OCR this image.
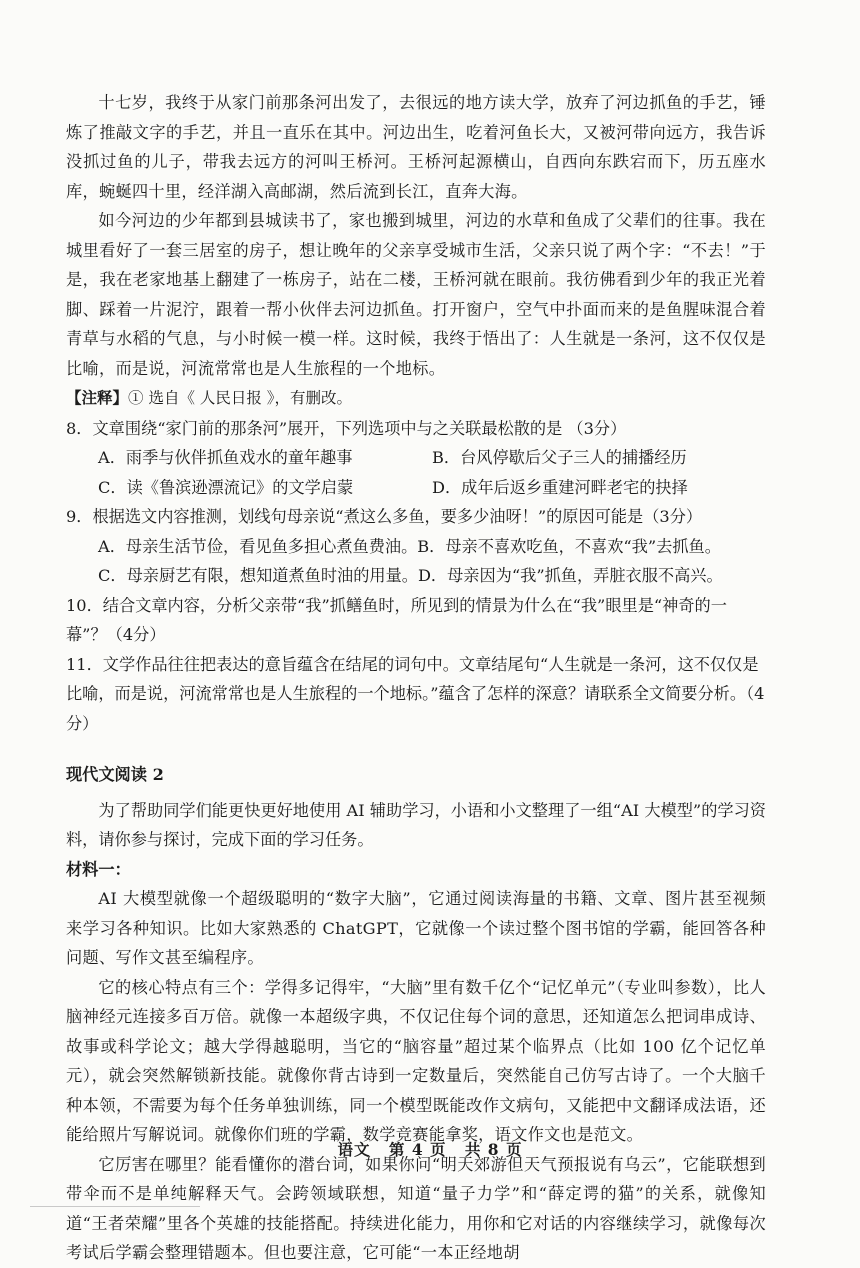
十七岁，我终于从家门前那条河出发了，去很远的地方读大学，放弃了河边抓鱼的手艺，锤炼了推敲文字的手艺，并且一直乐在其中。河边出生，吃着河鱼长大，又被河带向远方，我告诉没抓过鱼的儿子，带我去远方的河叫王桥河。王桥河起源横山，自西向东跌宕而下，历五座水库，蜿蜒四十里，经洋湖入高邮湖，然后流到长江，直奔大海。

如今河边的少年都到县城读书了，家也搬到城里，河边的水草和鱼成了父辈们的往事。我在城里看好了一套三居室的房子，想让晚年的父亲享受城市生活，父亲只说了两个字：“不去！”于是，我在老家地基上翻建了一栋房子，站在二楼，王桥河就在眼前。我彷佛看到少年的我正光着脚、踩着一片泥泞，跟着一帮小伙伴去河边抓鱼。打开窗户，空气中扑面而来的是鱼腥味混合着青草与水稻的气息，与小时候一模一样。这时候，我终于悟出了：人生就是一条河，这不仅仅是比喻，而是说，河流常常也是人生旅程的一个地标。

【注释】① 选自《 人民日报 》，有删改。

8．文章围绕“家门前的那条河”展开，下列选项中与之关联最松散的是 （3分）

A．雨季与伙伴抓鱼戏水的童年趣事	B．台风停歇后父子三人的捕播经历
C．读《鲁滨逊漂流记》的文学启蒙	D．成年后返乡重建河畔老宅的抉择

9．根据选文内容推测，划线句母亲说“煮这么多鱼，要多少油呀！”的原因可能是（3分）

A．母亲生活节俭，看见鱼多担心煮鱼费油。B．母亲不喜欢吃鱼，不喜欢“我”去抓鱼。

C．母亲厨艺有限，想知道煮鱼时油的用量。D．母亲因为“我”抓鱼，弄脏衣服不高兴。

10．结合文章内容，分析父亲带“我”抓鳝鱼时，所见到的情景为什么在“我”眼里是“神奇的一幕”？（4分）

11．文学作品往往把表达的意旨蕴含在结尾的词句中。文章结尾句“人生就是一条河，这不仅仅是比喻，而是说，河流常常也是人生旅程的一个地标。”蕴含了怎样的深意？请联系全文简要分析。（4分）

现代文阅读 2

为了帮助同学们能更快更好地使用 AI 辅助学习，小语和小文整理了一组“AI 大模型”的学习资料，请你参与探讨，完成下面的学习任务。

材料一：

AI 大模型就像一个超级聪明的“数字大脑”，它通过阅读海量的书籍、文章、图片甚至视频来学习各种知识。比如大家熟悉的 ChatGPT，它就像一个读过整个图书馆的学霸，能回答各种问题、写作文甚至编程序。

它的核心特点有三个：学得多记得牢，“大脑”里有数千亿个“记忆单元”（专业叫参数），比人脑神经元连接多百万倍。就像一本超级字典，不仅记住每个词的意思，还知道怎么把词串成诗、故事或科学论文；越大学得越聪明，当它的“脑容量”超过某个临界点（比如 100 亿个记忆单元），就会突然解锁新技能。就像你背古诗到一定数量后，突然能自己仿写古诗了。一个大脑千种本领，不需要为每个任务单独训练，同一个模型既能改作文病句，又能把中文翻译成法语，还能给照片写解说词。就像你们班的学霸，数学竞赛能拿奖，语文作文也是范文。

它厉害在哪里？能看懂你的潜台词，如果你问“明天郊游但天气预报说有乌云”，它能联想到带伞而不是单纯解释天气。会跨领域联想，知道“量子力学”和“薛定谔的猫”的关系，就像知道“王者荣耀”里各个英雄的技能搭配。持续进化能力，用你和它对话的内容继续学习，就像每次考试后学霸会整理错题本。但也要注意，它可能“一本正经地胡

语文 第 4 页 共 8 页
